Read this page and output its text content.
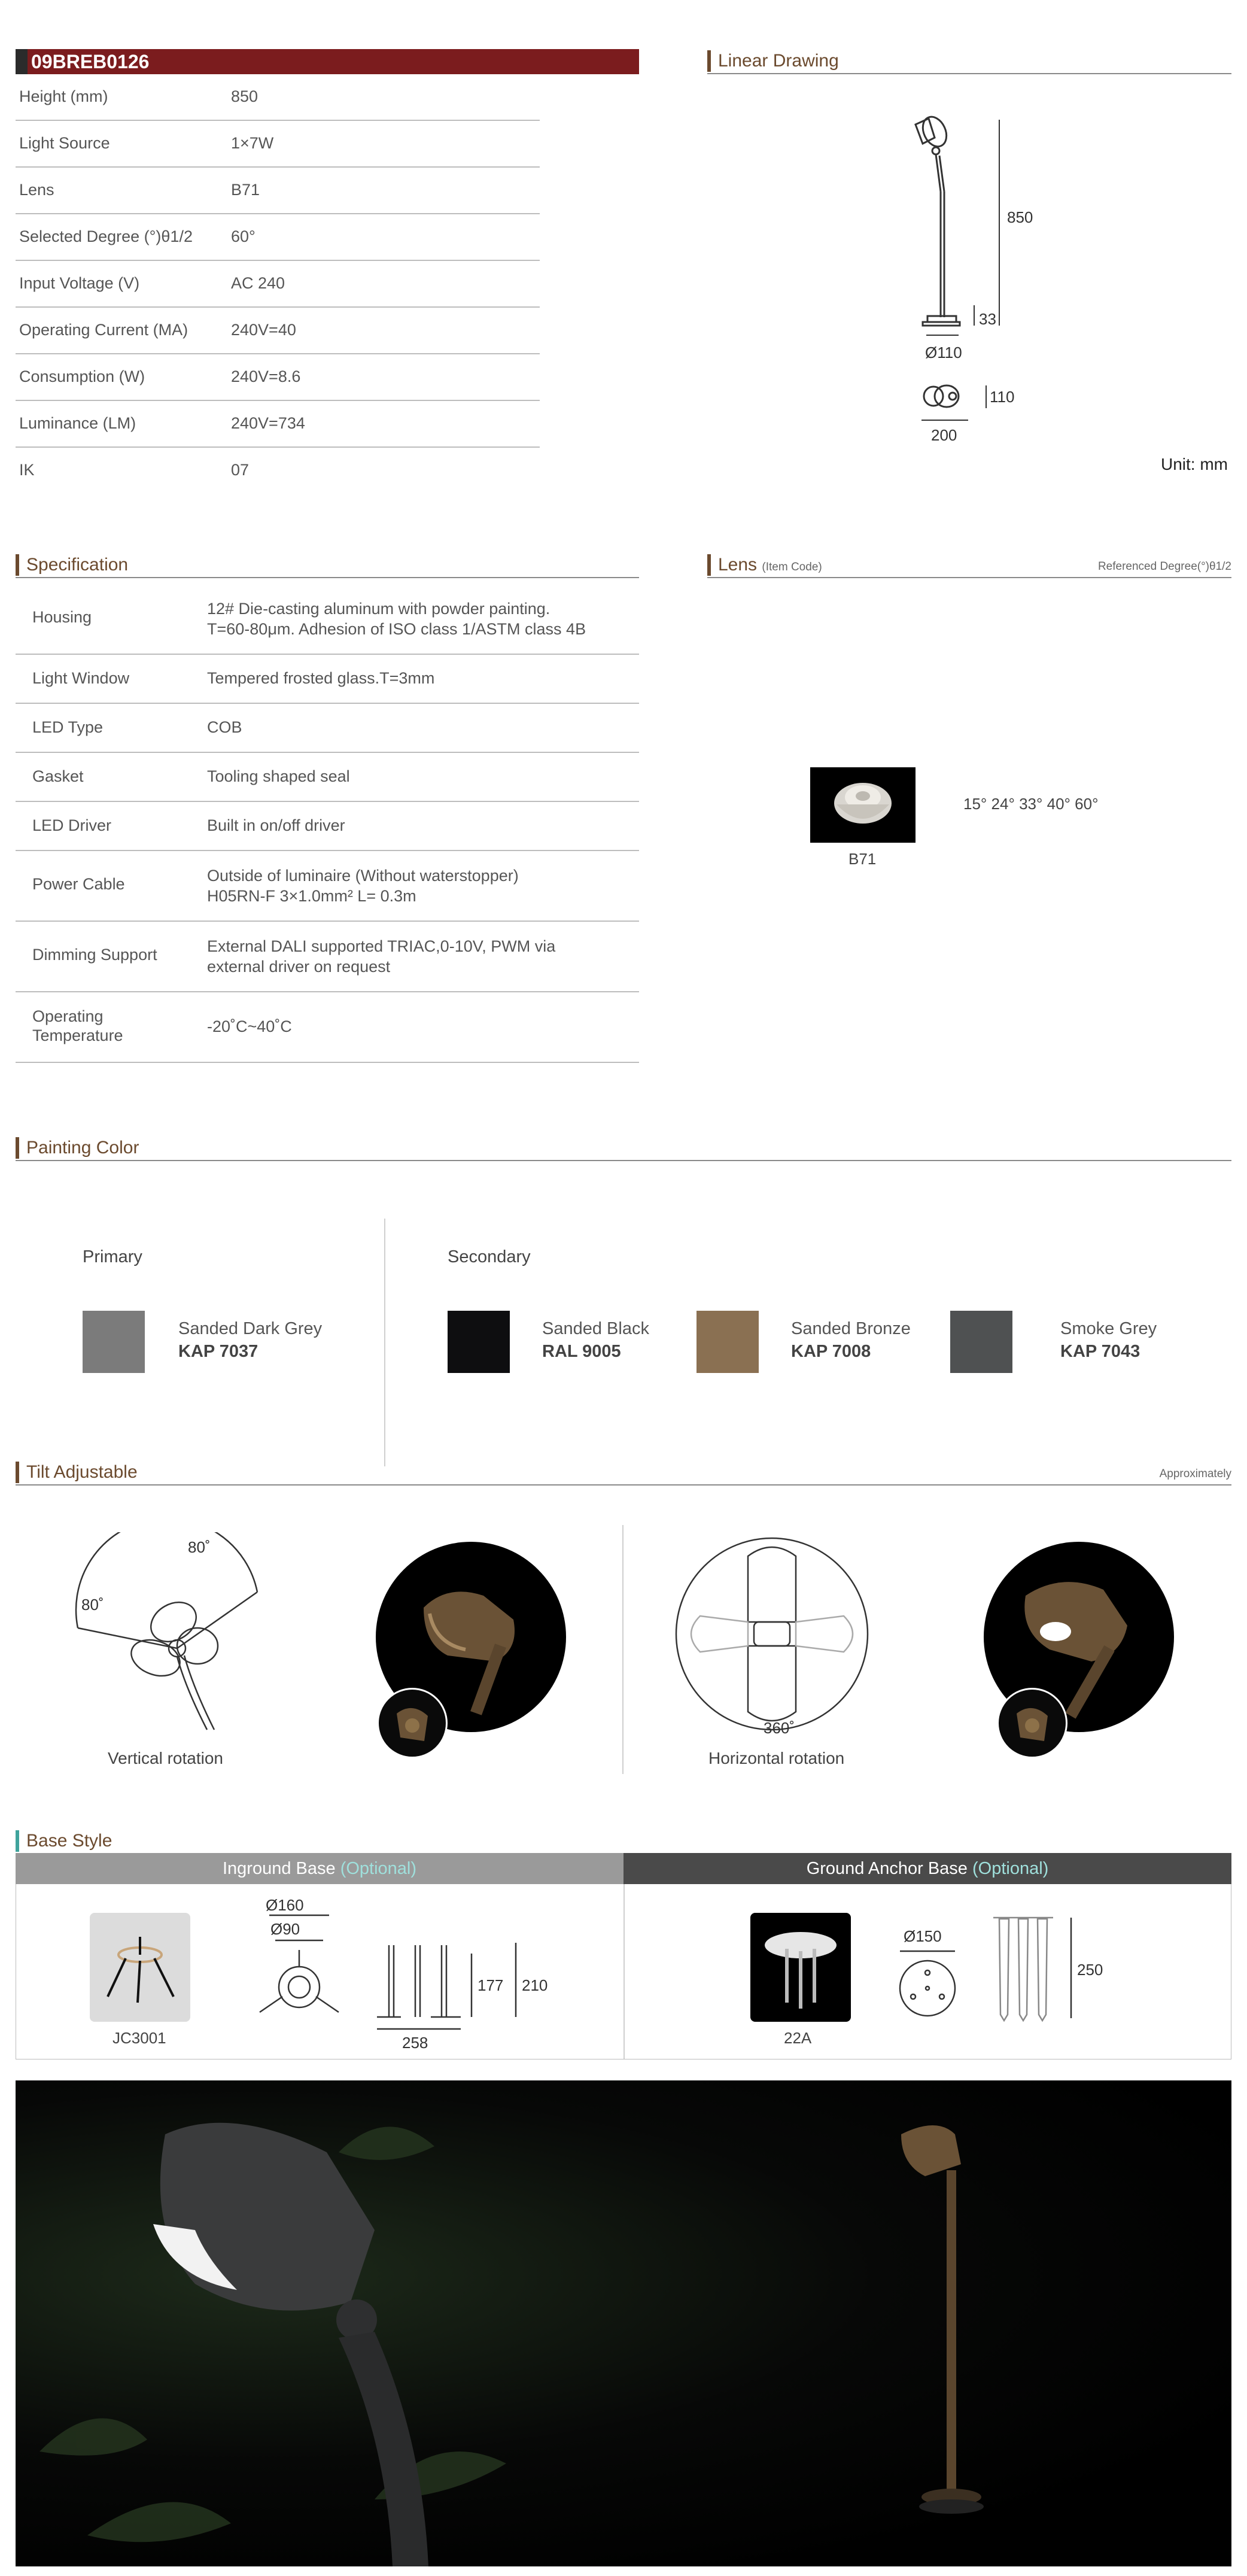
09BREB0126
Height (mm)	850
Light Source	1×7W
Lens	B71
Selected Degree (°)θ1/2 60°
Input Voltage (V)	AC 240
Operating Current (MA)	240V=40
Consumption (W)	240V=8.6
Luminance (LM)	240V=734
IK	07
Linear Drawing
850
33
Ø110
110
200
Unit: mm
Specification
Housing	12# Die-casting aluminum with powder painting.
T=60-80μm. Adhesion of ISO class 1/ASTM class 4B
Light Window	Tempered frosted glass.T=3mm
LED Type	COB
Gasket	Tooling shaped seal
LED Driver	Built in on/off driver
Power Cable	Outside of luminaire (Without waterstopper)
H05RN-F 3×1.0mm² L= 0.3m
Dimming Support	External DALI supported TRIAC,0-10V, PWM via
external driver on request
Operating Temperature	-20˚C~40˚C
Lens (Item Code)	Referenced Degree(°)θ1/2
B71
15° 24° 33° 40° 60°
Painting Color
Primary	Secondary
Sanded Dark Grey
KAP 7037
Sanded Black
RAL 9005
Sanded Bronze
KAP 7008
Smoke Grey
KAP 7043
Tilt Adjustable	Approximately
80˚
80˚
Vertical rotation
360˚
Horizontal rotation
Base Style
Inground Base (Optional)	Ground Anchor Base (Optional)
JC3001
Ø160
Ø90
177 210
258	22A
Ø150
250
